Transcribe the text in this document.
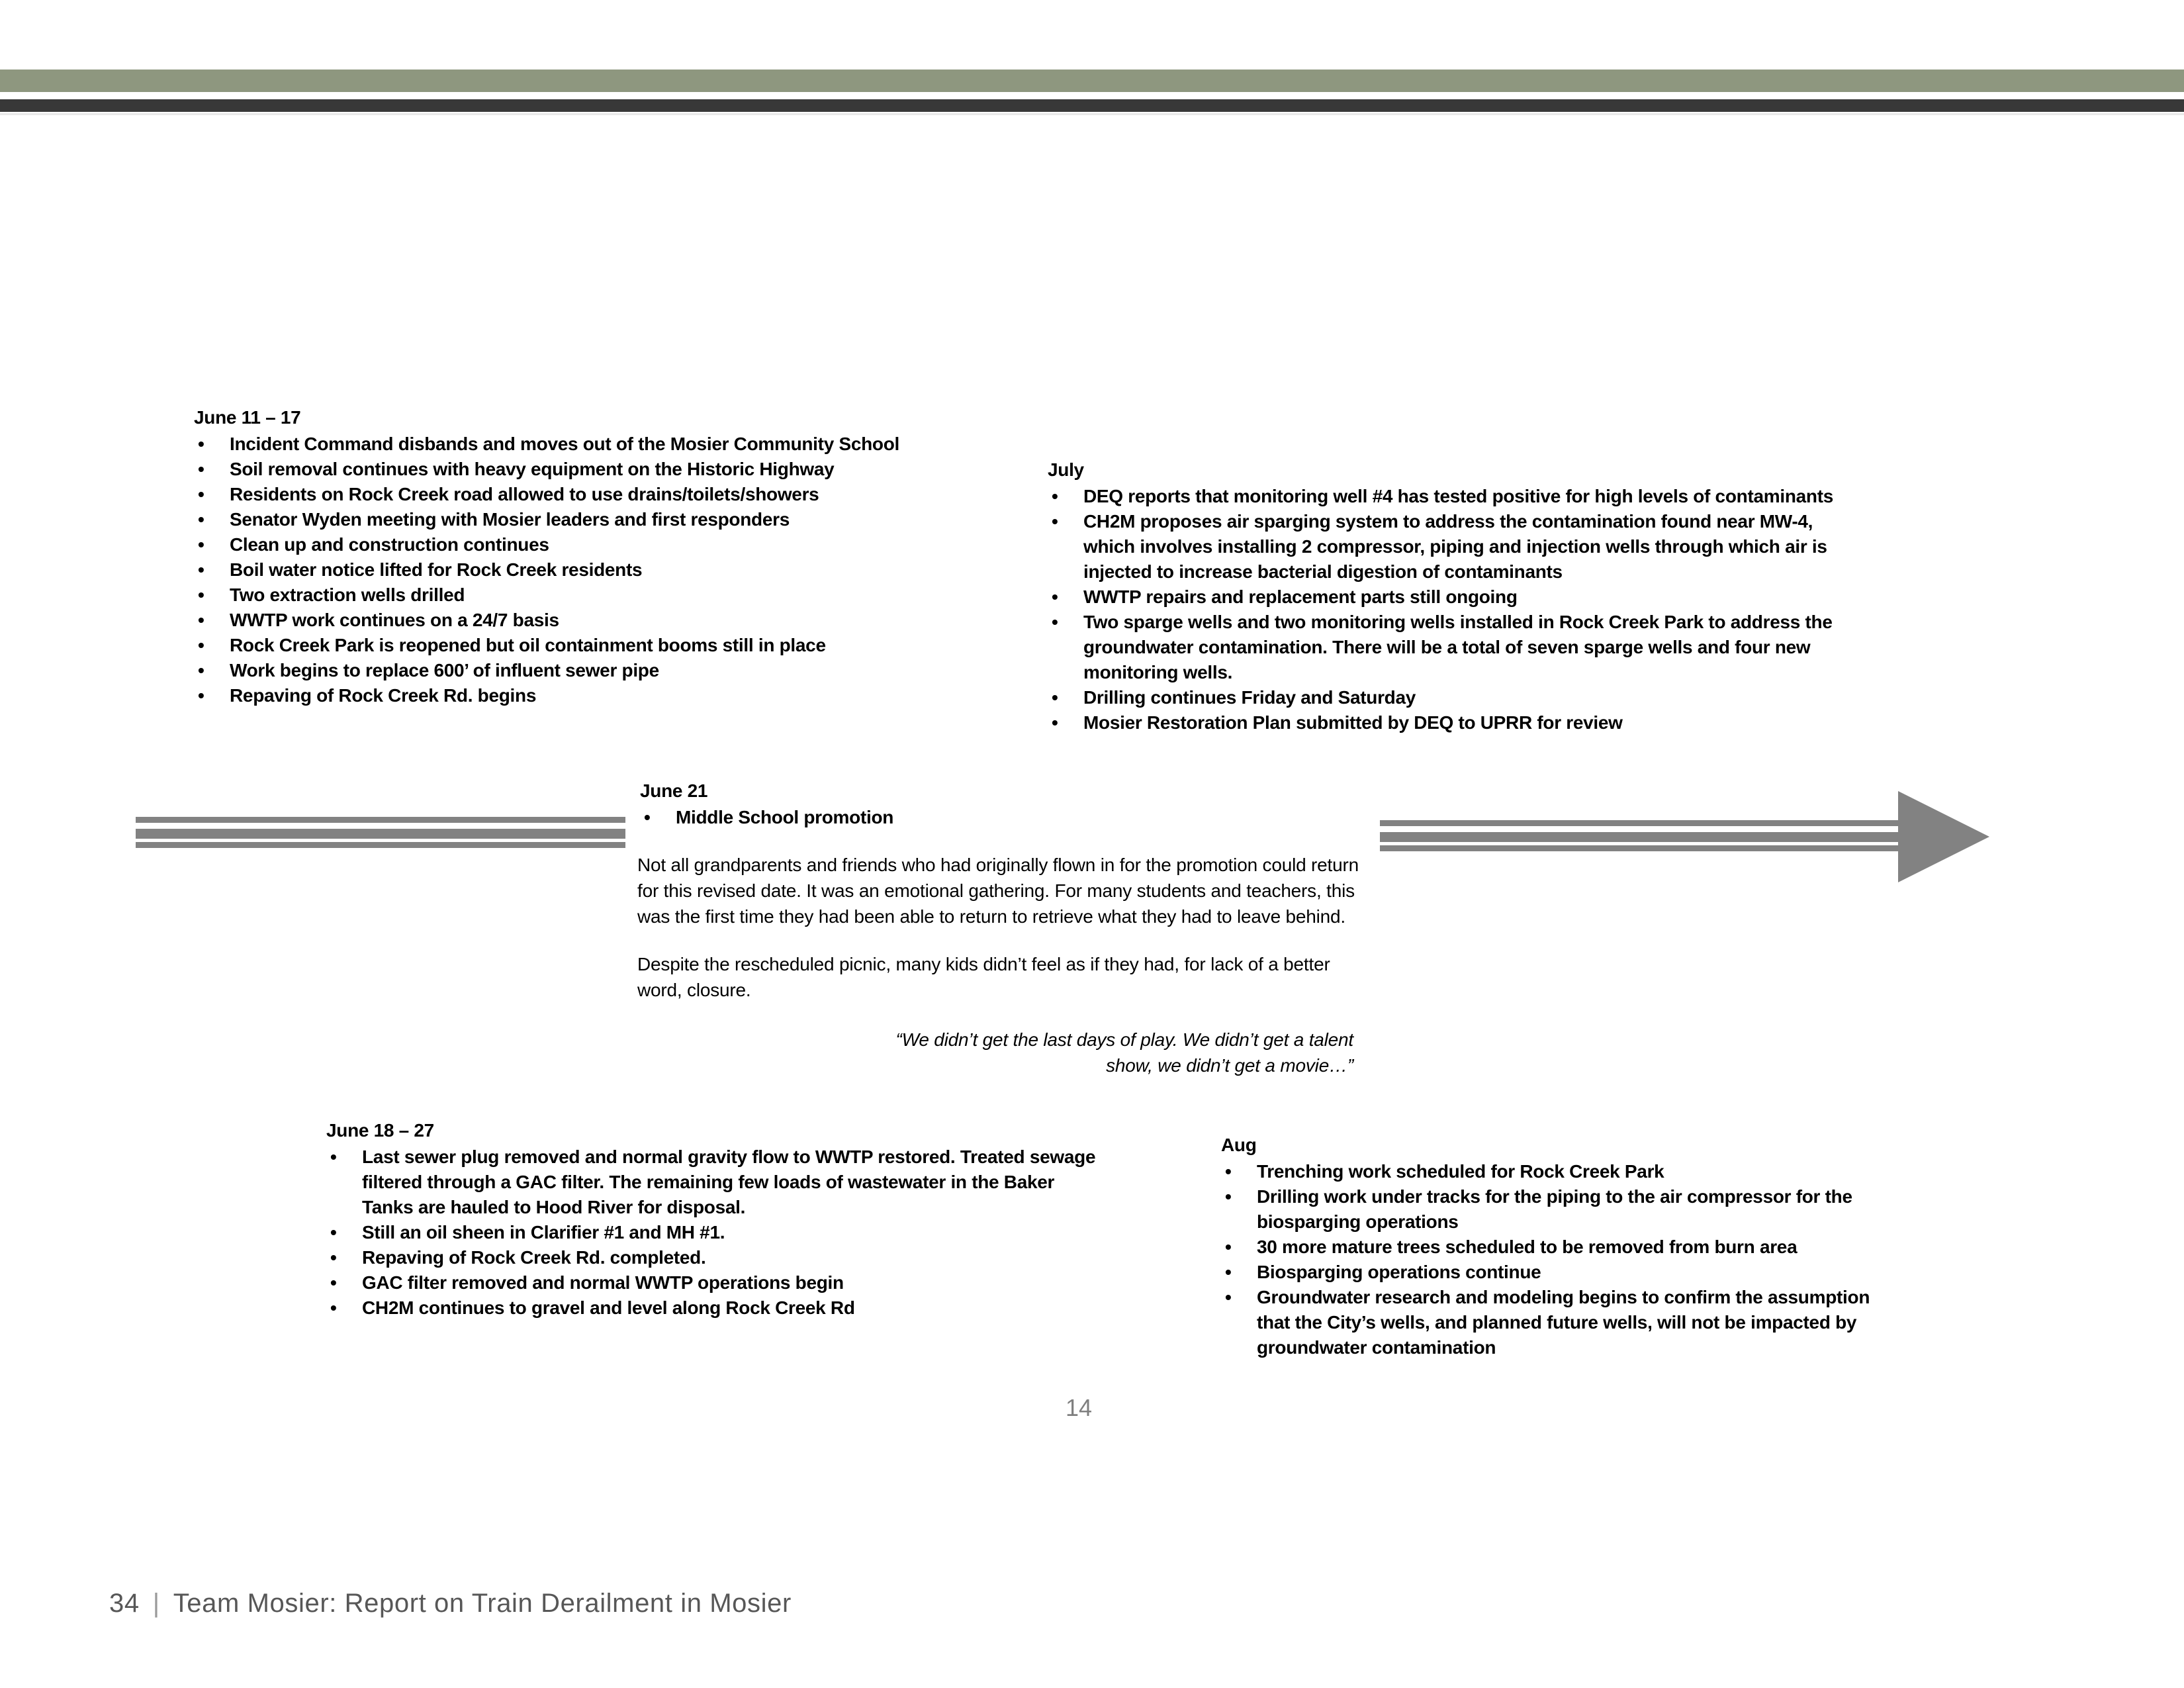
June 11 – 17
• Incident Command disbands and moves out of the Mosier Community School
• Soil removal continues with heavy equipment on the Historic Highway
• Residents on Rock Creek road allowed to use drains/toilets/showers
• Senator Wyden meeting with Mosier leaders and first responders
• Clean up and construction continues
• Boil water notice lifted for Rock Creek residents
• Two extraction wells drilled
• WWTP work continues on a 24/7 basis
• Rock Creek Park is reopened but oil containment booms still in place
• Work begins to replace 600’ of influent sewer pipe
• Repaving of Rock Creek Rd. begins
July
• DEQ reports that monitoring well #4 has tested positive for high levels of contaminants
• CH2M proposes air sparging system to address the contamination found near MW-4, which involves installing 2 compressor, piping and injection wells through which air is injected to increase bacterial digestion of contaminants
• WWTP repairs and replacement parts still ongoing
• Two sparge wells and two monitoring wells installed in Rock Creek Park to address the groundwater contamination. There will be a total of seven sparge wells and four new monitoring wells.
• Drilling continues Friday and Saturday
• Mosier Restoration Plan submitted by DEQ to UPRR for review
June 21
• Middle School promotion

Not all grandparents and friends who had originally flown in for the promotion could return for this revised date. It was an emotional gathering. For many students and teachers, this was the first time they had been able to return to retrieve what they had to leave behind.

Despite the rescheduled picnic, many kids didn’t feel as if they had, for lack of a better word, closure.

“We didn’t get the last days of play. We didn’t get a talent show, we didn’t get a movie…”
June 18 – 27
• Last sewer plug removed and normal gravity flow to WWTP restored. Treated sewage filtered through a GAC filter. The remaining few loads of wastewater in the Baker Tanks are hauled to Hood River for disposal.
• Still an oil sheen in Clarifier #1 and MH #1.
• Repaving of Rock Creek Rd. completed.
• GAC filter removed and normal WWTP operations begin
• CH2M continues to gravel and level along Rock Creek Rd
Aug
• Trenching work scheduled for Rock Creek Park
• Drilling work under tracks for the piping to the air compressor for the biosparging operations
• 30 more mature trees scheduled to be removed from burn area
• Biosparging operations continue
• Groundwater research and modeling begins to confirm the assumption that the City’s wells, and planned future wells, will not be impacted by groundwater contamination
14
34 | Team Mosier: Report on Train Derailment in Mosier
